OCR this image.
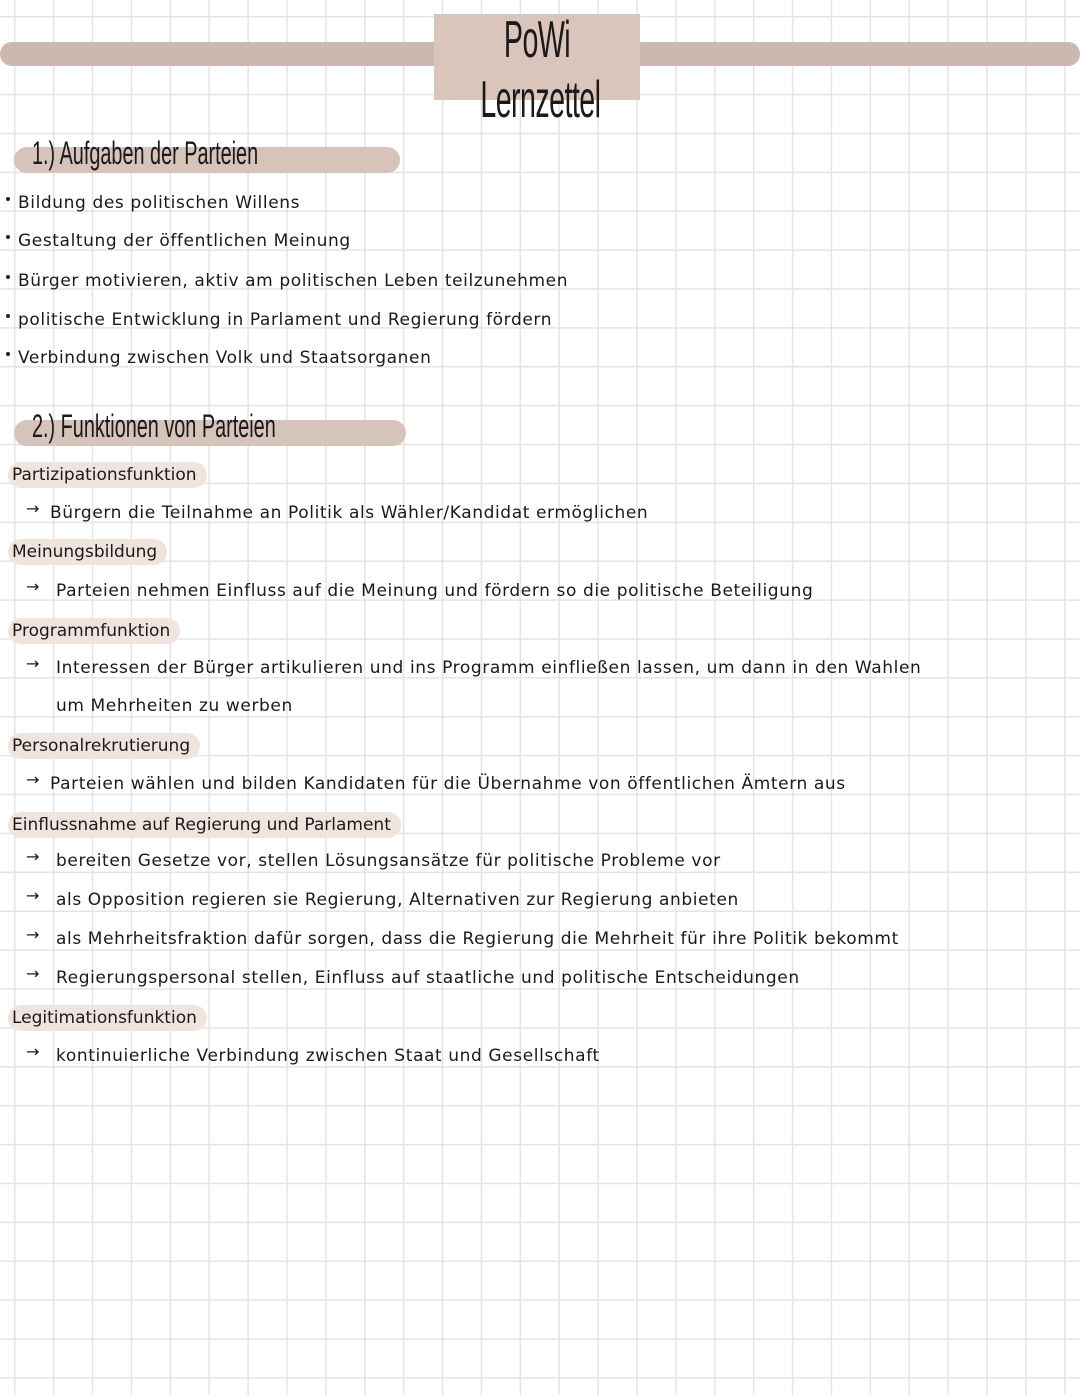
PoWi Lernzettel
1.) Aufgaben der Parteien
Bildung des politischen Willens
Gestaltung der öffentlichen Meinung
Bürger motivieren, aktiv am politischen Leben teilzunehmen
politische Entwicklung in Parlament und Regierung fördern
Verbindung zwischen Volk und Staatsorganen
2.) Funktionen von Parteien
Partizipationsfunktion
→ Bürgern die Teilnahme an Politik als Wähler/Kandidat ermöglichen
Meinungsbildung
→ Parteien nehmen Einfluss auf die Meinung und fördern so die politische Beteiligung
Programmfunktion
→ Interessen der Bürger artikulieren und ins Programm einfließen lassen, um dann in den Wahlen
um Mehrheiten zu werben
Personalrekrutierung
→ Parteien wählen und bilden Kandidaten für die Übernahme von öffentlichen Ämtern aus
Einflussnahme auf Regierung und Parlament
→ bereiten Gesetze vor, stellen Lösungsansätze für politische Probleme vor
→ als Opposition regieren sie Regierung, Alternativen zur Regierung anbieten
→ als Mehrheitsfraktion dafür sorgen, dass die Regierung die Mehrheit für ihre Politik bekommt
→ Regierungspersonal stellen, Einfluss auf staatliche und politische Entscheidungen
Legitimationsfunktion
→ kontinuierliche Verbindung zwischen Staat und Gesellschaft
